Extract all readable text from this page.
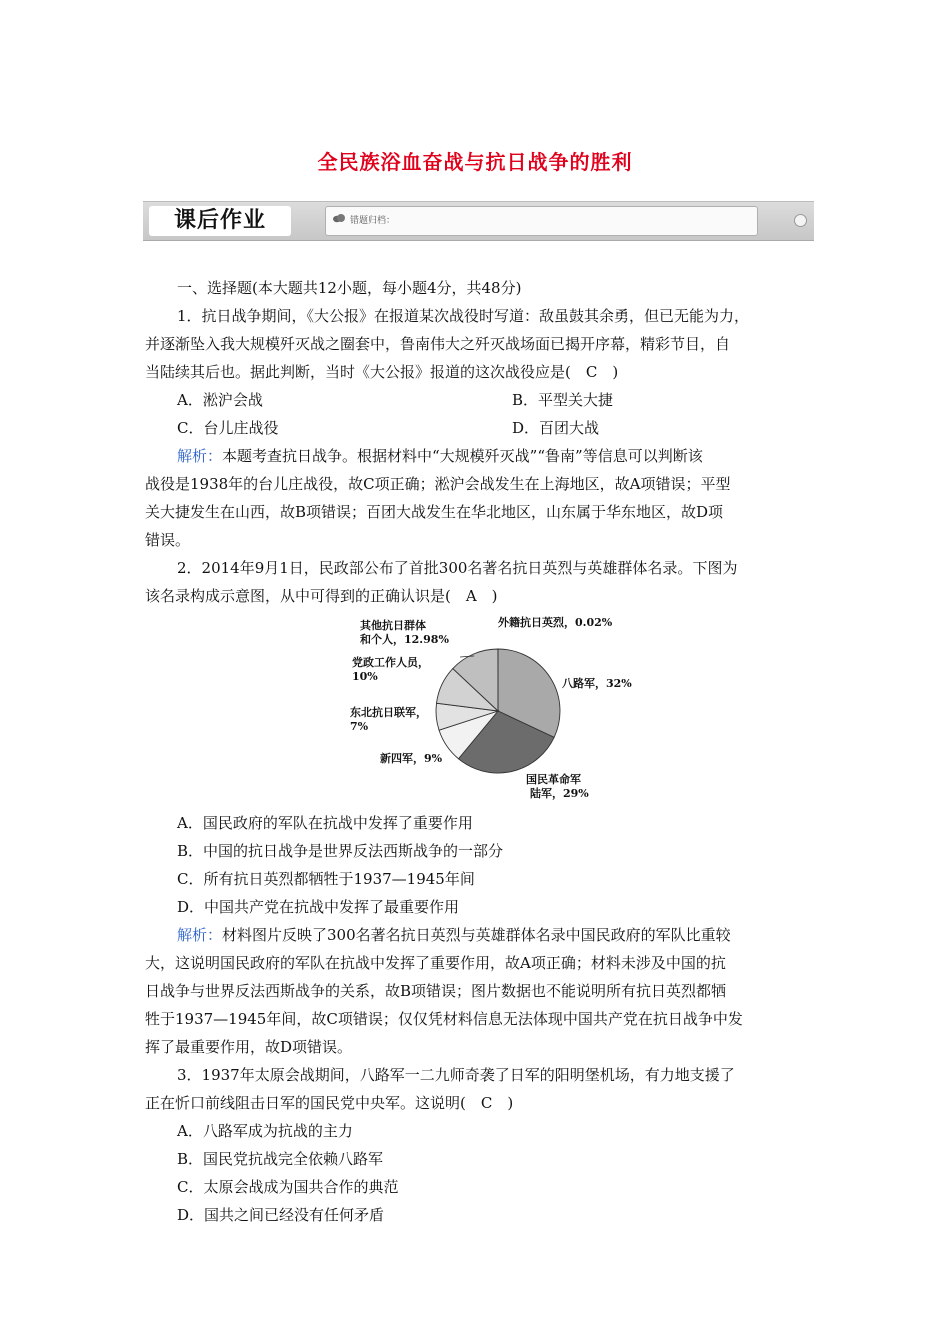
全民族浴血奋战与抗日战争的胜利
课后作业	错题归档：
一、选择题(本大题共12小题，每小题4分，共48分)
1．抗日战争期间，《大公报》在报道某次战役时写道：敌虽鼓其余勇，但已无能为力，
并逐渐坠入我大规模歼灭战之圈套中，鲁南伟大之歼灭战场面已揭开序幕，精彩节目，自
当陆续其后也。据此判断，当时《大公报》报道的这次战役应是(　C　)
A．淞沪会战	B．平型关大捷
C．台儿庄战役	D．百团大战
解析：本题考查抗日战争。根据材料中“大规模歼灭战”“鲁南”等信息可以判断该
战役是1938年的台儿庄战役，故C项正确；淞沪会战发生在上海地区，故A项错误；平型
关大捷发生在山西，故B项错误；百团大战发生在华北地区，山东属于华东地区，故D项
错误。
2．2014年9月1日，民政部公布了首批300名著名抗日英烈与英雄群体名录。下图为
该名录构成示意图，从中可得到的正确认识是(　A　)
八路军，32%
国民革命军
陆军，29%
新四军，9%
东北抗日联军，
7%
党政工作人员，
10%
其他抗日群体
和个人，12.98%
外籍抗日英烈，0.02%
A．国民政府的军队在抗战中发挥了重要作用
B．中国的抗日战争是世界反法西斯战争的一部分
C．所有抗日英烈都牺牲于1937—1945年间
D．中国共产党在抗战中发挥了最重要作用
解析：材料图片反映了300名著名抗日英烈与英雄群体名录中国民政府的军队比重较
大，这说明国民政府的军队在抗战中发挥了重要作用，故A项正确；材料未涉及中国的抗
日战争与世界反法西斯战争的关系，故B项错误；图片数据也不能说明所有抗日英烈都牺
牲于1937—1945年间，故C项错误；仅仅凭材料信息无法体现中国共产党在抗日战争中发
挥了最重要作用，故D项错误。
3．1937年太原会战期间，八路军一二九师奇袭了日军的阳明堡机场，有力地支援了
正在忻口前线阻击日军的国民党中央军。这说明(　C　)
A．八路军成为抗战的主力
B．国民党抗战完全依赖八路军
C．太原会战成为国共合作的典范
D．国共之间已经没有任何矛盾
